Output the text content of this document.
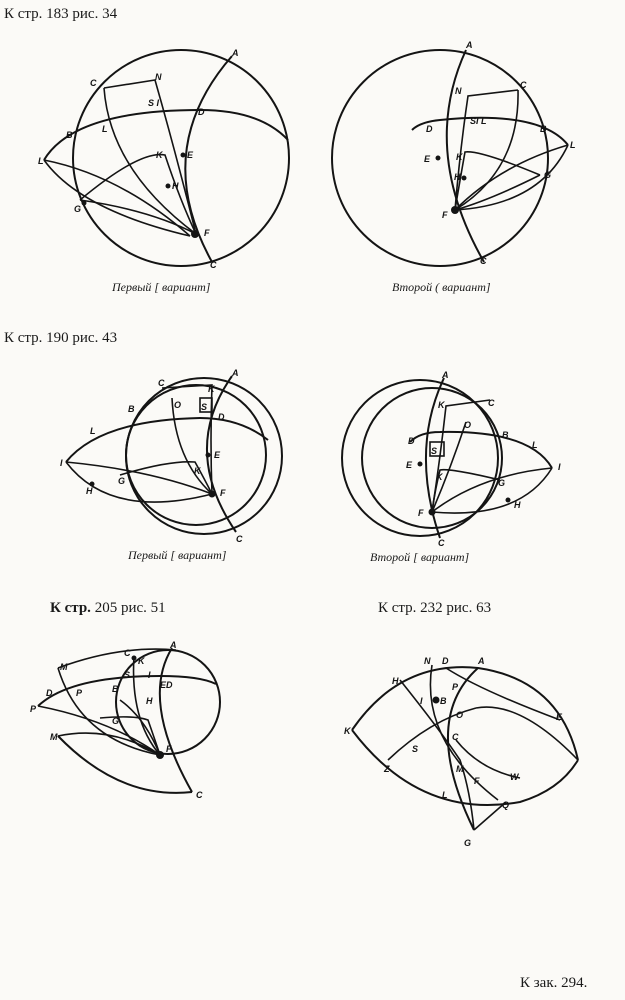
К стр. 183 рис. 34
К стр. 190 рис. 43
К стр. 205 рис. 51	К стр. 232 рис. 63
Первый [ вариант]	Второй ( вариант]
Первый [ вариант]	Второй [ вариант]
К зак. 294.
A
C
N
S I
D
B
L
L
K	E
H
G
F
C
A
C
N
SI L
B
L
D
E	K
H	G
F
C
A
C
K
O S
B
D
L
I
E
K
G
H	F
C
A
C
K
O
B
L
I
D
S
E
K
G
H
F
C
A
C
K
M
S I
ED
D	P	B
H
P
G
M
F
C
N D	A
H
P
I B
O	E
K
C
S
Z	M
F	W
L
Q
G
